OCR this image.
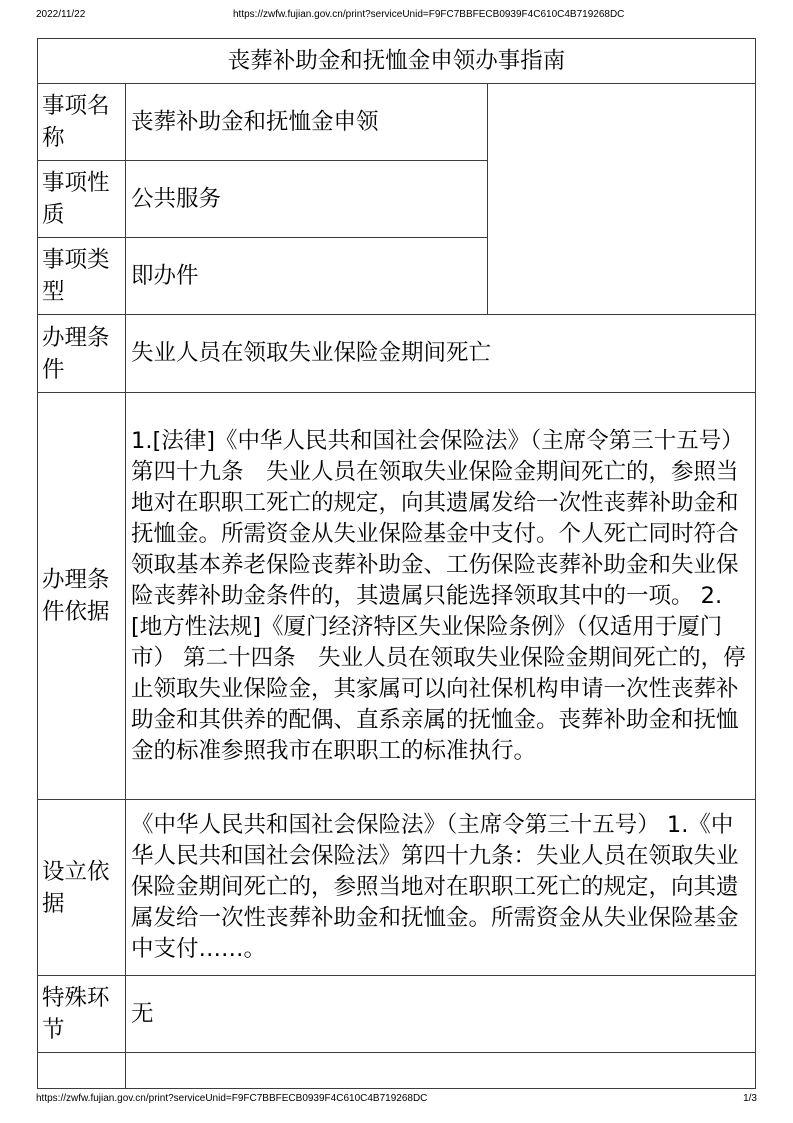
2022/11/22	https://zwfw.fujian.gov.cn/print?serviceUnid=F9FC7BBFECB0939F4C610C4B719268DC
丧葬补助金和抚恤金申领办事指南		
事项名称	丧葬补助金和抚恤金申领	
事项性质	公共服务	
事项类型	即办件	
办理条件	失业人员在领取失业保险金期间死亡	
办理条件依据	1.[法律]《中华人民共和国社会保险法》（主席令第三十五号）第四十九条　失业人员在领取失业保险金期间死亡的，参照当地对在职职工死亡的规定，向其遗属发给一次性丧葬补助金和抚恤金。所需资金从失业保险基金中支付。个人死亡同时符合领取基本养老保险丧葬补助金、工伤保险丧葬补助金和失业保险丧葬补助金条件的，其遗属只能选择领取其中的一项。 2.[地方性法规]《厦门经济特区失业保险条例》（仅适用于厦门市） 第二十四条　失业人员在领取失业保险金期间死亡的，停止领取失业保险金，其家属可以向社保机构申请一次性丧葬补助金和其供养的配偶、直系亲属的抚恤金。丧葬补助金和抚恤金的标准参照我市在职职工的标准执行。	
设立依据	《中华人民共和国社会保险法》（主席令第三十五号） 1.《中华人民共和国社会保险法》第四十九条：失业人员在领取失业保险金期间死亡的，参照当地对在职职工死亡的规定，向其遗属发给一次性丧葬补助金和抚恤金。所需资金从失业保险基金中支付……。	
特殊环节	无	

https://zwfw.fujian.gov.cn/print?serviceUnid=F9FC7BBFECB0939F4C610C4B719268DC	1/3
